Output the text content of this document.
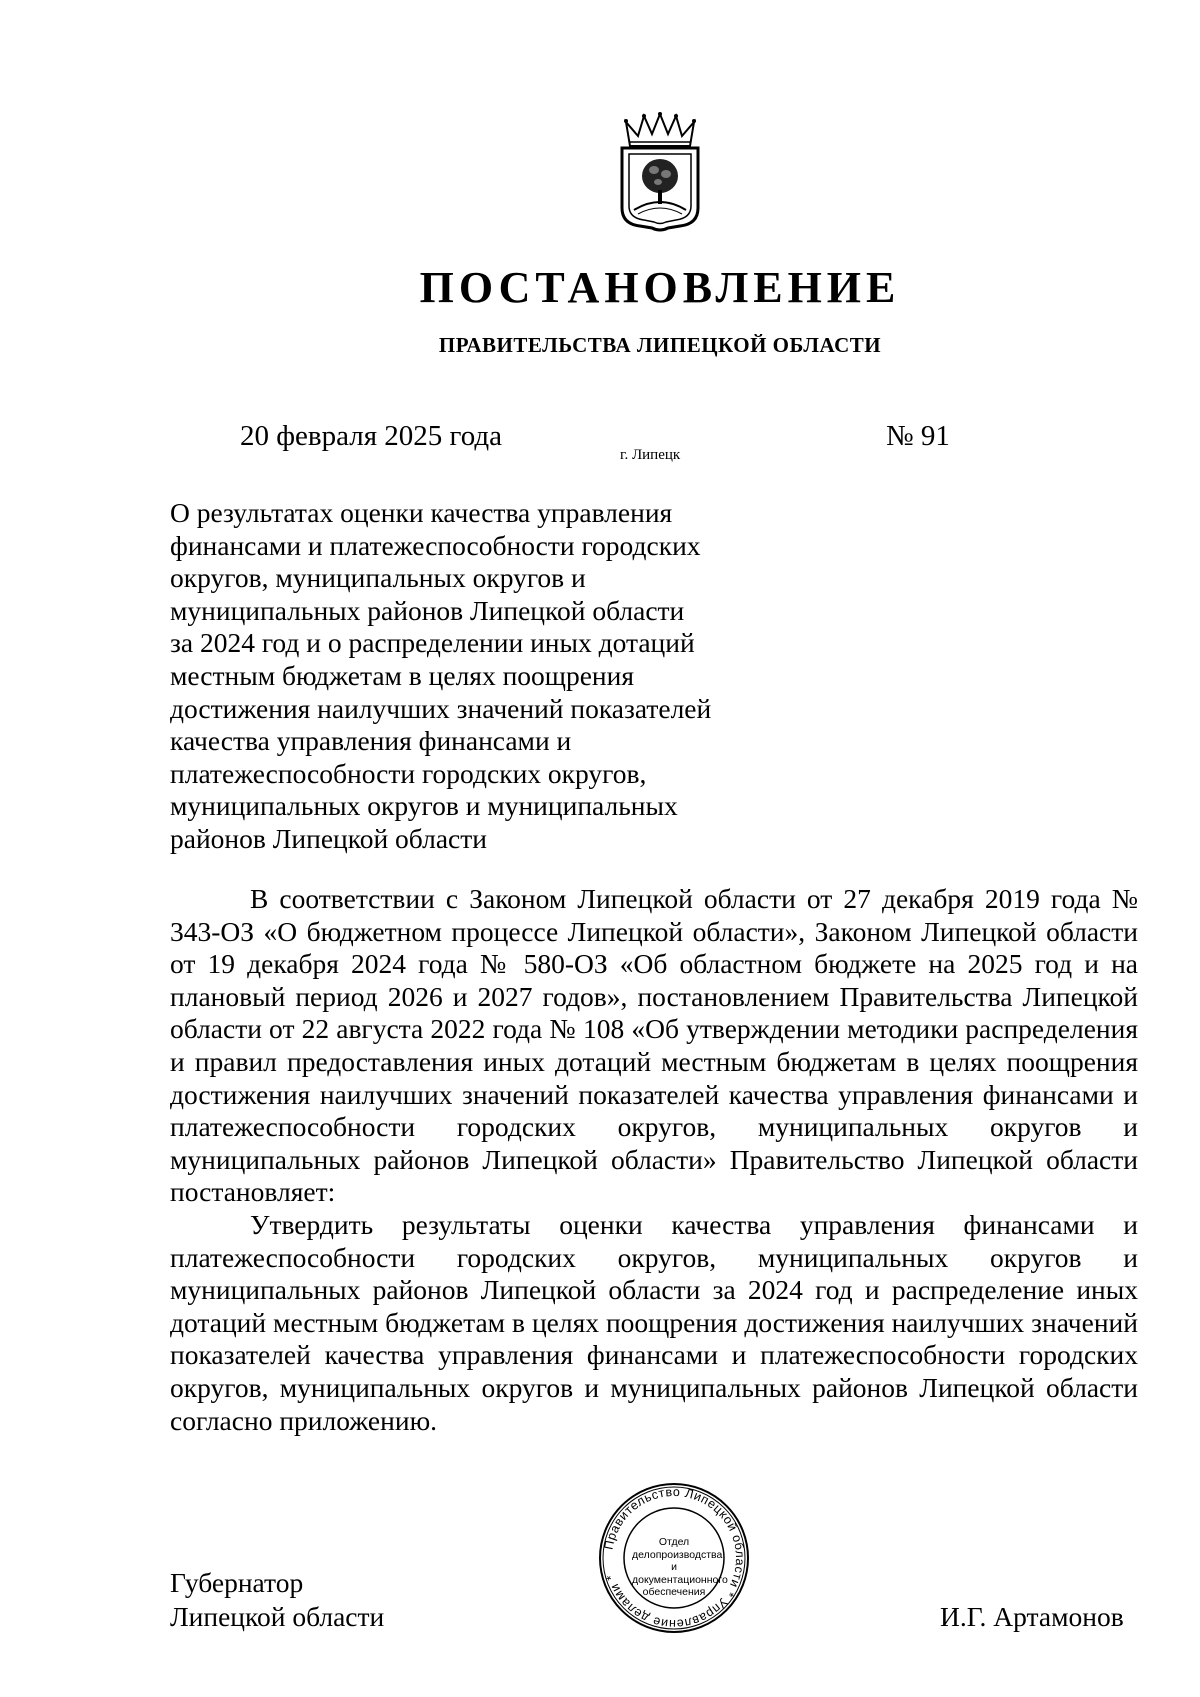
ПОСТАНОВЛЕНИЕ
ПРАВИТЕЛЬСТВА ЛИПЕЦКОЙ ОБЛАСТИ
20 февраля 2025 года
г. Липецк
№ 91
О результатах оценки качества управления
финансами и платежеспособности городских
округов, муниципальных округов и
муниципальных районов Липецкой области
за 2024 год и о распределении иных дотаций
местным бюджетам в целях поощрения
достижения наилучших значений показателей
качества управления финансами и
платежеспособности городских округов,
муниципальных округов и муниципальных
районов Липецкой области

В соответствии с Законом Липецкой области от 27 декабря 2019 года № 343-ОЗ «О бюджетном процессе Липецкой области», Законом Липецкой области от 19 декабря 2024 года № 580-ОЗ «Об областном бюджете на 2025 год и на плановый период 2026 и 2027 годов», постановлением Правительства Липецкой области от 22 августа 2022 года № 108 «Об утверждении методики распределения и правил предоставления иных дотаций местным бюджетам в целях поощрения достижения наилучших значений показателей качества управления финансами и платежеспособности городских округов, муниципальных округов и муниципальных районов Липецкой области» Правительство Липецкой области постановляет:

Утвердить результаты оценки качества управления финансами и платежеспособности городских округов, муниципальных округов и муниципальных районов Липецкой области за 2024 год и распределение иных дотаций местным бюджетам в целях поощрения достижения наилучших значений показателей качества управления финансами и платежеспособности городских округов, муниципальных округов и муниципальных районов Липецкой области согласно приложению.

Губернатор
Липецкой области
Правительство Липецкой области * Управление делами *
Отдел
делопроизводства и
документационного
обеспечения
И.Г. Артамонов
